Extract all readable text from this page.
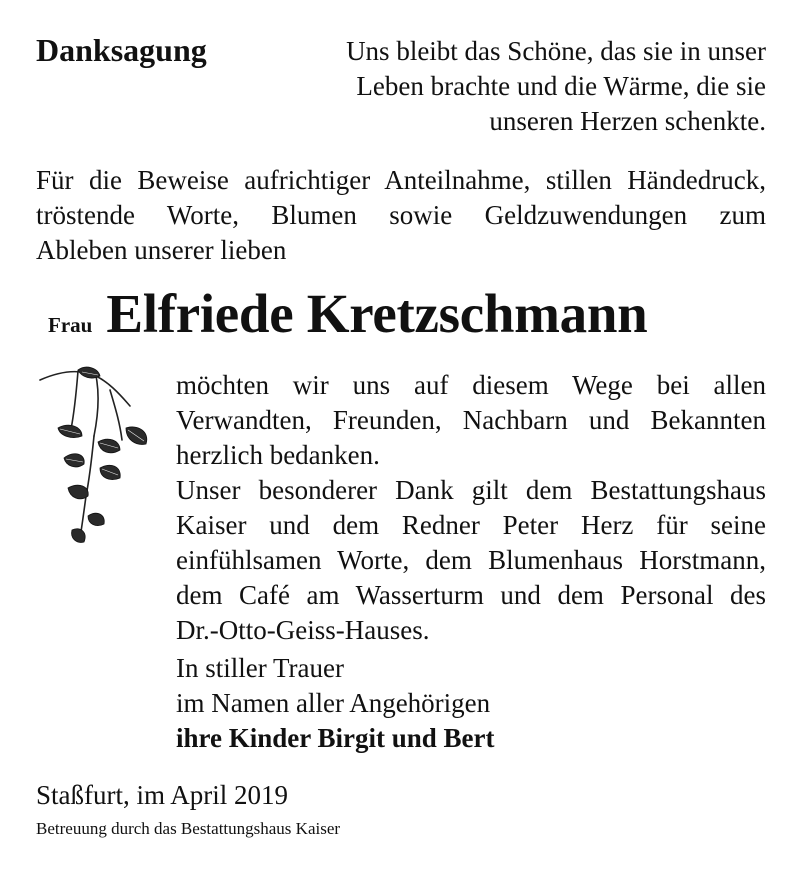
Danksagung	Uns bleibt das Schöne, das sie in unser
Leben brachte und die Wärme, die sie
unseren Herzen schenkte.
Für die Beweise aufrichtiger Anteilnahme, stillen Händedruck,
tröstende Worte, Blumen sowie Geldzuwendungen zum
Ableben unserer lieben
Frau Elfriede Kretzschmann
möchten wir uns auf diesem Wege bei allen
Verwandten, Freunden, Nachbarn und Bekannten
herzlich bedanken.
Unser besonderer Dank gilt dem Bestattungshaus
Kaiser und dem Redner Peter Herz für seine
einfühlsamen Worte, dem Blumenhaus Horstmann,
dem Café am Wasserturm und dem Personal des
Dr.-Otto-Geiss-Hauses.
In stiller Trauer
im Namen aller Angehörigen
ihre Kinder Birgit und Bert
Staßfurt, im April 2019
Betreuung durch das Bestattungshaus Kaiser
